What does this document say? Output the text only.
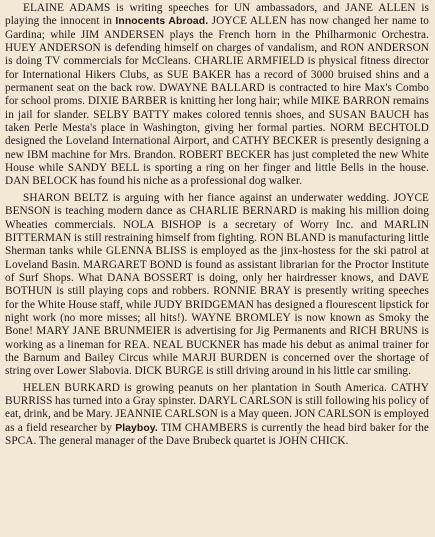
ELAINE ADAMS is writing speeches for UN ambassadors, and JANE ALLEN is playing the innocent in Innocents Abroad. JOYCE ALLEN has now changed her name to Gardina; while JIM ANDERSEN plays the French horn in the Philharmonic Orchestra. HUEY ANDERSON is defending himself on charges of vandalism, and RON ANDERSON is doing TV commercials for McCleans. CHARLIE ARMFIELD is physical fitness director for International Hikers Clubs, as SUE BAKER has a record of 3000 bruised shins and a permanent seat on the back row. DWAYNE BALLARD is contracted to hire Max's Combo for school proms. DIXIE BARBER is knitting her long hair; while MIKE BARRON remains in jail for slander. SELBY BATTY makes colored tennis shoes, and SUSAN BAUCH has taken Perle Mesta's place in Washington, giving her formal parties. NORM BECHTOLD designed the Loveland International Airport, and CATHY BECKER is presently designing a new IBM machine for Mrs. Brandon. ROBERT BECKER has just completed the new White House while SANDY BELL is sporting a ring on her finger and little Bells in the house. DAN BELOCK has found his niche as a professional dog walker.

SHARON BELTZ is arguing with her fiance against an underwater wedding. JOYCE BENSON is teaching modern dance as CHARLIE BERNARD is making his million doing Wheaties commercials. NOLA BISHOP is a secretary of Worry Inc. and MARLIN BITTERMAN is still restraining himself from fighting. RON BLAND is manufacturing little Sherman tanks while GLENNA BLISS is employed as the jinx-hostess for the ski patrol at Loveland Basin. MARGARET BOND is found as assistant librarian for the Proctor Institute of Surf Shops. What DANA BOSSERT is doing, only her hairdresser knows, and DAVE BOTHUN is still playing cops and robbers. RONNIE BRAY is presently writing speeches for the White House staff, while JUDY BRIDGEMAN has designed a flourescent lipstick for night work (no more misses; all hits!). WAYNE BROMLEY is now known as Smoky the Bone! MARY JANE BRUNMEIER is advertising for Jig Permanents and RICH BRUNS is working as a lineman for REA. NEAL BUCKNER has made his debut as animal trainer for the Barnum and Bailey Circus while MARJI BURDEN is concerned over the shortage of string over Lower Slabovia. DICK BURGE is still driving around in his little car smiling.

HELEN BURKARD is growing peanuts on her plantation in South America. CATHY BURRISS has turned into a Gray spinster. DARYL CARLSON is still following his policy of eat, drink, and be Mary. JEANNIE CARLSON is a May queen. JON CARLSON is employed as a field researcher by Playboy. TIM CHAMBERS is currently the head bird baker for the SPCA. The general manager of the Dave Brubeck quartet is JOHN CHICK.
